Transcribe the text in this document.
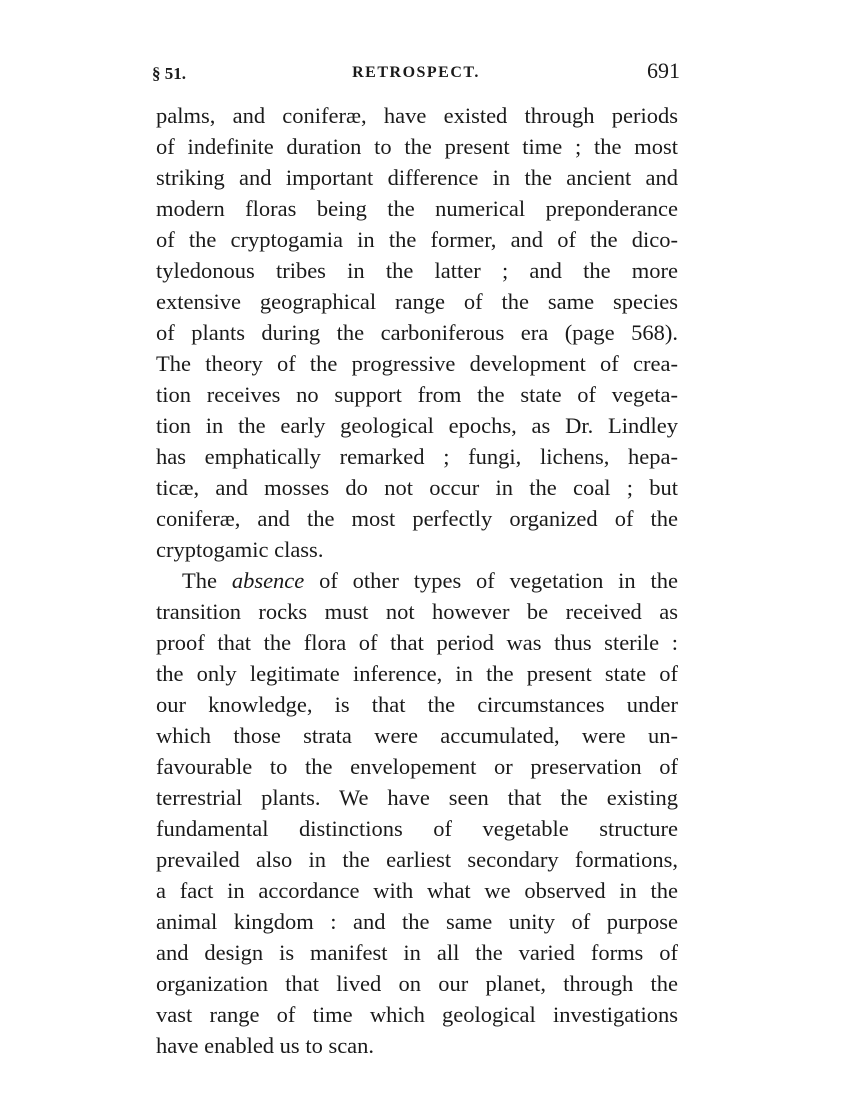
§ 51.	RETROSPECT.	691
palms, and coniferæ, have existed through periods
of indefinite duration to the present time ; the most
striking and important difference in the ancient and
modern floras being the numerical preponderance
of the cryptogamia in the former, and of the dico-
tyledonous tribes in the latter ; and the more
extensive geographical range of the same species
of plants during the carboniferous era (page 568).
The theory of the progressive development of crea-
tion receives no support from the state of vegeta-
tion in the early geological epochs, as Dr. Lindley
has emphatically remarked ; fungi, lichens, hepa-
ticæ, and mosses do not occur in the coal ; but
coniferæ, and the most perfectly organized of the
cryptogamic class.
The absence of other types of vegetation in the
transition rocks must not however be received as
proof that the flora of that period was thus sterile :
the only legitimate inference, in the present state of
our knowledge, is that the circumstances under
which those strata were accumulated, were un-
favourable to the envelopement or preservation of
terrestrial plants. We have seen that the existing
fundamental distinctions of vegetable structure
prevailed also in the earliest secondary formations,
a fact in accordance with what we observed in the
animal kingdom : and the same unity of purpose
and design is manifest in all the varied forms of
organization that lived on our planet, through the
vast range of time which geological investigations
have enabled us to scan.
